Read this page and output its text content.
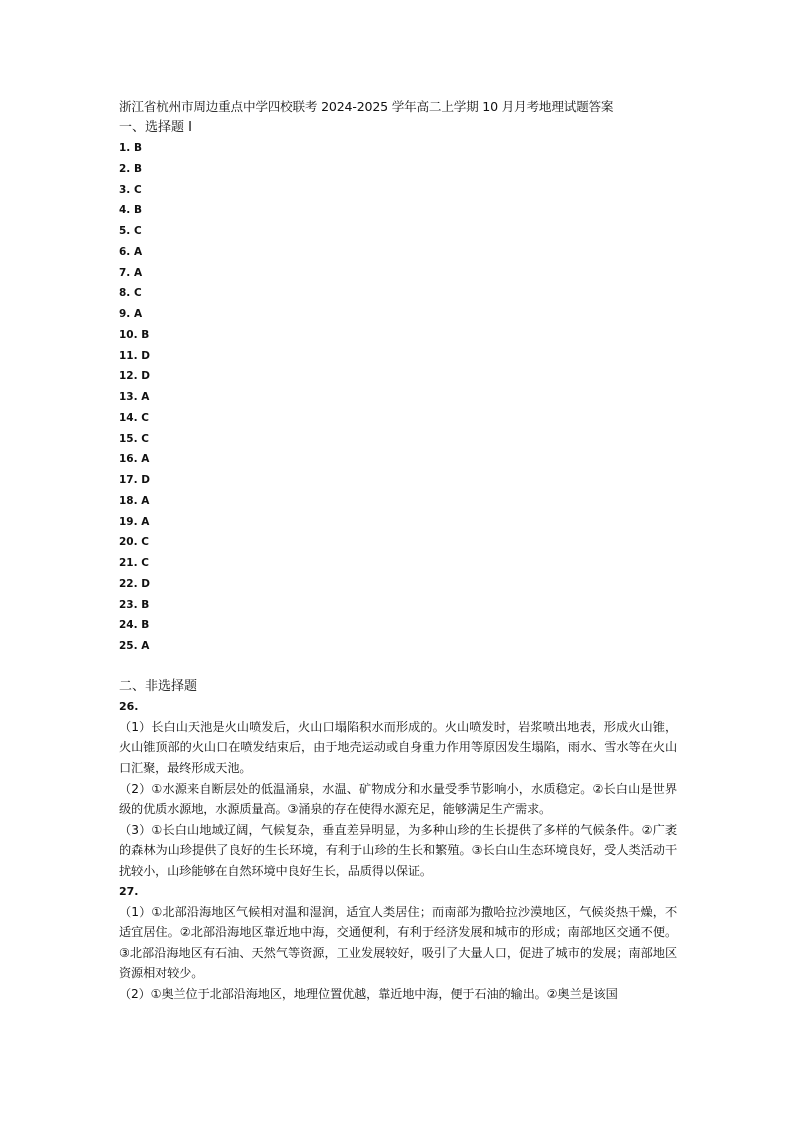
浙江省杭州市周边重点中学四校联考 2024-2025 学年高二上学期 10 月月考地理试题答案
一、选择题 I
1. B
2. B
3. C
4. B
5. C
6. A
7. A
8. C
9. A
10. B
11. D
12. D
13. A
14. C
15. C
16. A
17. D
18. A
19. A
20. C
21. C
22. D
23. B
24. B
25. A
二、非选择题
26.
（1）长白山天池是火山喷发后，火山口塌陷积水而形成的。火山喷发时，岩浆喷出地表，形成火山锥，火山锥顶部的火山口在喷发结束后，由于地壳运动或自身重力作用等原因发生塌陷，雨水、雪水等在火山口汇聚，最终形成天池。
（2）①水源来自断层处的低温涌泉，水温、矿物成分和水量受季节影响小，水质稳定。②长白山是世界级的优质水源地，水源质量高。③涌泉的存在使得水源充足，能够满足生产需求。
（3）①长白山地域辽阔，气候复杂，垂直差异明显，为多种山珍的生长提供了多样的气候条件。②广袤的森林为山珍提供了良好的生长环境，有利于山珍的生长和繁殖。③长白山生态环境良好，受人类活动干扰较小，山珍能够在自然环境中良好生长，品质得以保证。
27.
（1）①北部沿海地区气候相对温和湿润，适宜人类居住；而南部为撒哈拉沙漠地区，气候炎热干燥，不适宜居住。②北部沿海地区靠近地中海，交通便利，有利于经济发展和城市的形成；南部地区交通不便。③北部沿海地区有石油、天然气等资源，工业发展较好，吸引了大量人口，促进了城市的发展；南部地区资源相对较少。
（2）①奥兰位于北部沿海地区，地理位置优越，靠近地中海，便于石油的输出。②奥兰是该国
